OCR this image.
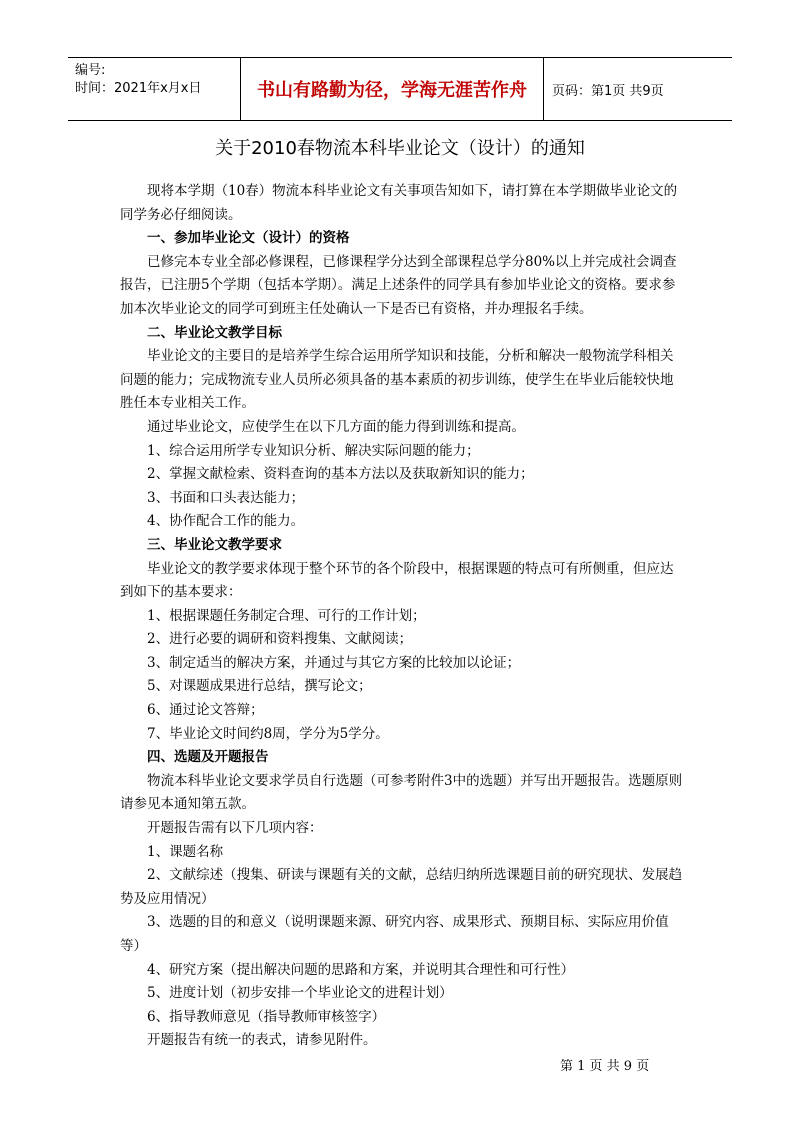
编号:
时间：2021年x月x日	书山有路勤为径，学海无涯苦作舟	页码：第1页 共9页
关于2010春物流本科毕业论文（设计）的通知

现将本学期（10春）物流本科毕业论文有关事项告知如下，请打算在本学期做毕业论文的同学务必仔细阅读。

一、参加毕业论文（设计）的资格

已修完本专业全部必修课程，已修课程学分达到全部课程总学分80%以上并完成社会调查报告，已注册5个学期（包括本学期）。满足上述条件的同学具有参加毕业论文的资格。要求参加本次毕业论文的同学可到班主任处确认一下是否已有资格，并办理报名手续。

二、毕业论文教学目标

毕业论文的主要目的是培养学生综合运用所学知识和技能，分析和解决一般物流学科相关问题的能力；完成物流专业人员所必须具备的基本素质的初步训练，使学生在毕业后能较快地胜任本专业相关工作。

通过毕业论文，应使学生在以下几方面的能力得到训练和提高。

1、综合运用所学专业知识分析、解决实际问题的能力；

2、掌握文献检索、资料查询的基本方法以及获取新知识的能力；

3、书面和口头表达能力；

4、协作配合工作的能力。

三、毕业论文教学要求

毕业论文的教学要求体现于整个环节的各个阶段中，根据课题的特点可有所侧重，但应达到如下的基本要求：

1、根据课题任务制定合理、可行的工作计划；

2、进行必要的调研和资料搜集、文献阅读；

3、制定适当的解决方案，并通过与其它方案的比较加以论证；

5、对课题成果进行总结，撰写论文；

6、通过论文答辩；

7、毕业论文时间约8周，学分为5学分。

四、选题及开题报告

物流本科毕业论文要求学员自行选题（可参考附件3中的选题）并写出开题报告。选题原则请参见本通知第五款。

开题报告需有以下几项内容：

1、课题名称

2、文献综述（搜集、研读与课题有关的文献，总结归纳所选课题目前的研究现状、发展趋势及应用情况）

3、选题的目的和意义（说明课题来源、研究内容、成果形式、预期目标、实际应用价值等）

4、研究方案（提出解决问题的思路和方案，并说明其合理性和可行性）

5、进度计划（初步安排一个毕业论文的进程计划）

6、指导教师意见（指导教师审核签字）

开题报告有统一的表式，请参见附件。

第 1 页 共 9 页
